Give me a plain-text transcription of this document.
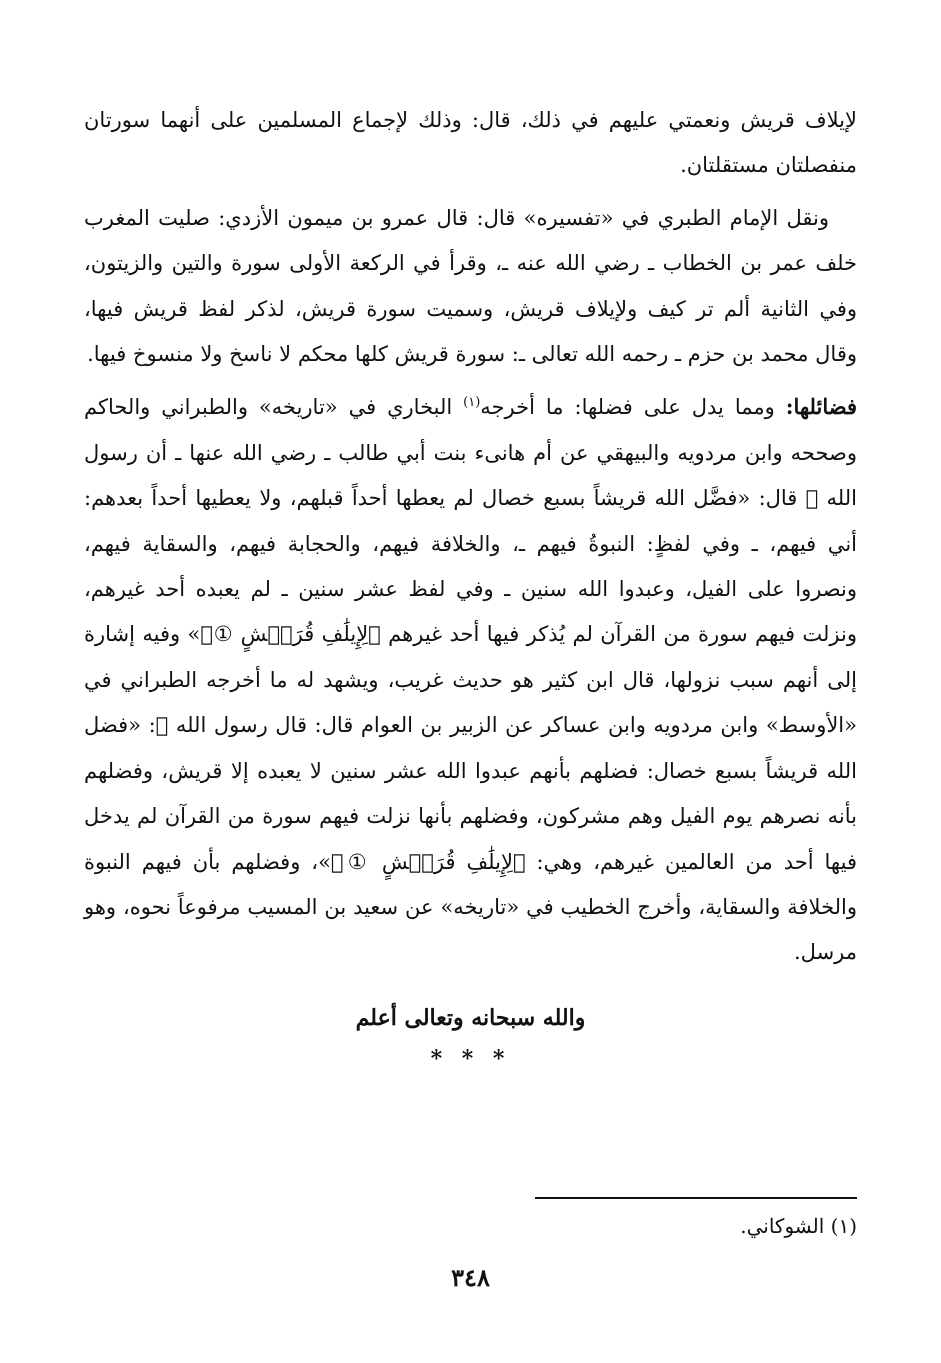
لإيلاف قريش ونعمتي عليهم في ذلك، قال: وذلك لإجماع المسلمين على أنهما سورتان منفصلتان مستقلتان.

ونقل الإمام الطبري في «تفسيره» قال: قال عمرو بن ميمون الأزدي: صليت المغرب خلف عمر بن الخطاب ـ رضي الله عنه ـ، وقرأ في الركعة الأولى سورة والتين والزيتون، وفي الثانية ألم تر كيف ولإيلاف قريش، وسميت سورة قريش، لذكر لفظ قريش فيها، وقال محمد بن حزم ـ رحمه الله تعالى ـ: سورة قريش كلها محكم لا ناسخ ولا منسوخ فيها.

فضائلها: ومما يدل على فضلها: ما أخرجه$^{(١)}$ البخاري في «تاريخه» والطبراني والحاكم وصححه وابن مردويه والبيهقي عن أم هانىء بنت أبي طالب ـ رضي الله عنها ـ أن رسول الله ﷺ قال: «فضَّل الله قريشاً بسبع خصال لم يعطها أحداً قبلهم، ولا يعطيها أحداً بعدهم: أني فيهم، ـ وفي لفظٍ: النبوةُ فيهم ـ، والخلافة فيهم، والحجابة فيهم، والسقاية فيهم، ونصروا على الفيل، وعبدوا الله سنين ـ وفي لفظ عشر سنين ـ لم يعبده أحد غيرهم، ونزلت فيهم سورة من القرآن لم يُذكر فيها أحد غيرهم ﴿لِإِيلَٰفِ قُرَيۡشٍ ①﴾» وفيه إشارة إلى أنهم سبب نزولها، قال ابن كثير هو حديث غريب، ويشهد له ما أخرجه الطبراني في «الأوسط» وابن مردويه وابن عساكر عن الزبير بن العوام قال: قال رسول الله ﷺ: «فضل الله قريشاً بسبع خصال: فضلهم بأنهم عبدوا الله عشر سنين لا يعبده إلا قريش، وفضلهم بأنه نصرهم يوم الفيل وهم مشركون، وفضلهم بأنها نزلت فيهم سورة من القرآن لم يدخل فيها أحد من العالمين غيرهم، وهي: ﴿لِإِيلَٰفِ قُرَيۡشٍ ①﴾»، وفضلهم بأن فيهم النبوة والخلافة والسقاية، وأخرج الخطيب في «تاريخه» عن سعيد بن المسيب مرفوعاً نحوه، وهو مرسل.

والله سبحانه وتعالى أعلم
* * *
(١) الشوكاني.
٣٤٨
